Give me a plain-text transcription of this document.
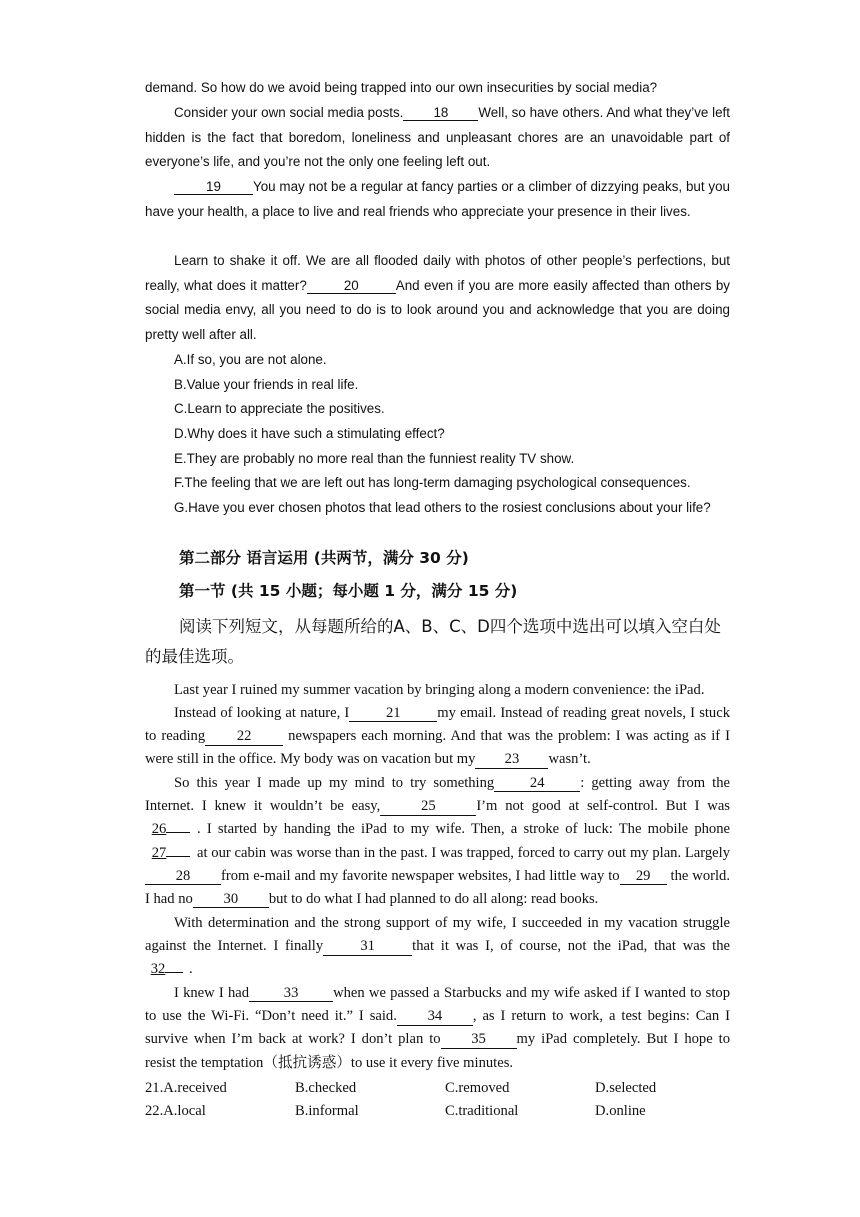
demand. So how do we avoid being trapped into our own insecurities by social media?
Consider your own social media posts. 18 Well, so have others. And what they’ve left hidden is the fact that boredom, loneliness and unpleasant chores are an unavoidable part of everyone’s life, and you’re not the only one feeling left out.
19 You may not be a regular at fancy parties or a climber of dizzying peaks, but you have your health, a place to live and real friends who appreciate your presence in their lives.
Learn to shake it off. We are all flooded daily with photos of other people’s perfections, but really, what does it matter?	20	And even if you are more easily affected than others by social media envy, all you need to do is to look around you and acknowledge that you are doing pretty well after all.
A.If so, you are not alone.
B.Value your friends in real life.
C.Learn to appreciate the positives.
D.Why does it have such a stimulating effect?
E.They are probably no more real than the funniest reality TV show.
F.The feeling that we are left out has long-term damaging psychological consequences.
G.Have you ever chosen photos that lead others to the rosiest conclusions about your life?
第二部分 语言运用 (共两节，满分 30 分)
第一节 (共 15 小题；每小题 1 分，满分 15 分)
阅读下列短文，从每题所给的A、B、C、D四个选项中选出可以填入空白处的最佳选项。
Last year I ruined my summer vacation by bringing along a modern convenience: the iPad.
Instead of looking at nature, I	21	my email. Instead of reading great novels, I stuck to reading 22 newspapers each morning. And that was the problem: I was acting as if I were still in the office. My body was on vacation but my 23 wasn’t.
So this year I made up my mind to try something 24 : getting away from the Internet. I knew it wouldn’t be easy,	25	I’m not good at self-control. But I was 26 . I started by handing the iPad to my wife. Then, a stroke of luck: The mobile phone 27 at our cabin was worse than in the past. I was trapped, forced to carry out my plan. Largely28 from e-mail and my favorite newspaper websites, I had little way to 29 the world. I had no 30 but to do what I had planned to do all along: read books.
With determination and the strong support of my wife, I succeeded in my vacation struggle against the Internet. I finally	31	that it was I, of course, not the iPad, that was the 32 .
I knew I had 33 when we passed a Starbucks and my wife asked if I wanted to stop to use the Wi-Fi. “Don’t need it.” I said. 34 , as I return to work, a test begins: Can I survive when I’m back at work? I don’t plan to 35 my iPad completely. But I hope to resist the temptation（抵抗诱惑）to use it every five minutes.
21.A.received	B.checked	C.removed	D.selected
22.A.local	B.informal	C.traditional	D.online
